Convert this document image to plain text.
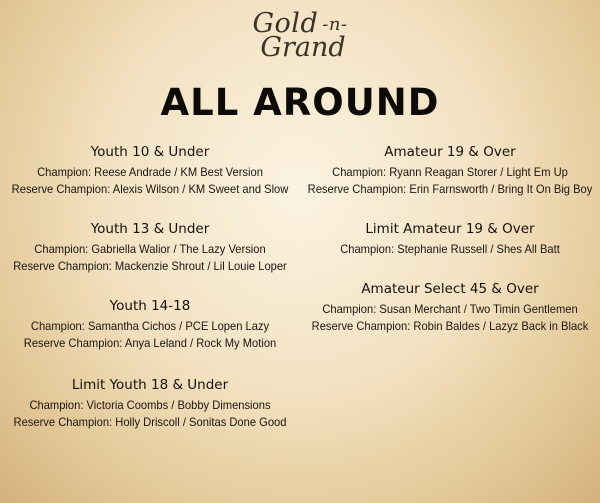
Gold -n-
Grand
ALL AROUND
Youth 10 & Under
Champion: Reese Andrade / KM Best Version
Reserve Champion: Alexis Wilson / KM Sweet and Slow
Youth 13 & Under
Champion: Gabriella Walior / The Lazy Version
Reserve Champion: Mackenzie Shrout / Lil Louie Loper
Youth 14-18
Champion: Samantha Cichos / PCE Lopen Lazy
Reserve Champion: Anya Leland / Rock My Motion
Limit Youth 18 & Under
Champion: Victoria Coombs / Bobby Dimensions
Reserve Champion: Holly Driscoll / Sonitas Done Good
Amateur 19 & Over
Champion: Ryann Reagan Storer / Light Em Up
Reserve Champion: Erin Farnsworth / Bring It On Big Boy
Limit Amateur 19 & Over
Champion: Stephanie Russell / Shes All Batt
Amateur Select 45 & Over
Champion: Susan Merchant / Two Timin Gentlemen
Reserve Champion: Robin Baldes / Lazyz Back in Black
